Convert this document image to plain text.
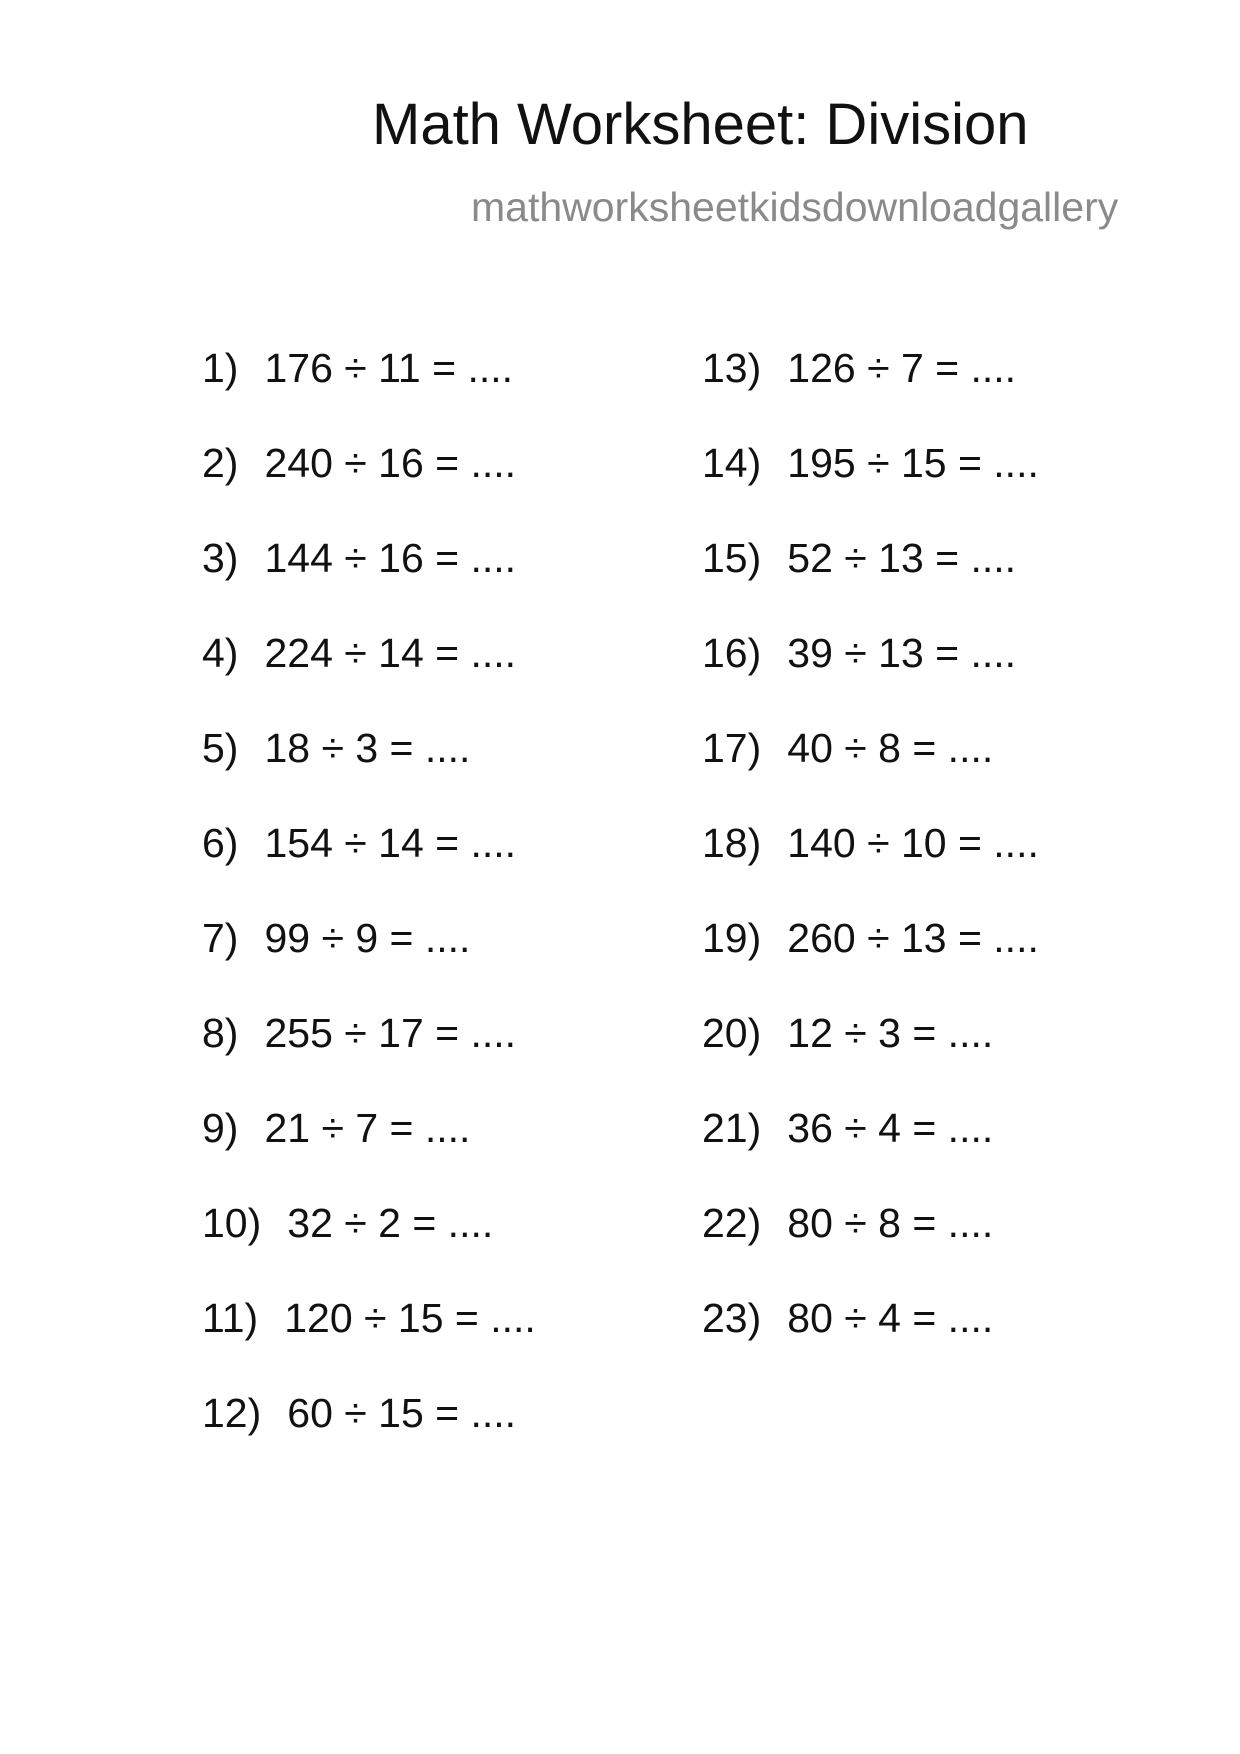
Math Worksheet: Division
mathworksheetkidsdownloadgallery
1) 176 ÷ 11 = ....
2) 240 ÷ 16 = ....
3) 144 ÷ 16 = ....
4) 224 ÷ 14 = ....
5) 18 ÷ 3 = ....
6) 154 ÷ 14 = ....
7) 99 ÷ 9 = ....
8) 255 ÷ 17 = ....
9) 21 ÷ 7 = ....
10) 32 ÷ 2 = ....
11) 120 ÷ 15 = ....
12) 60 ÷ 15 = ....
13) 126 ÷ 7 = ....
14) 195 ÷ 15 = ....
15) 52 ÷ 13 = ....
16) 39 ÷ 13 = ....
17) 40 ÷ 8 = ....
18) 140 ÷ 10 = ....
19) 260 ÷ 13 = ....
20) 12 ÷ 3 = ....
21) 36 ÷ 4 = ....
22) 80 ÷ 8 = ....
23) 80 ÷ 4 = ....
